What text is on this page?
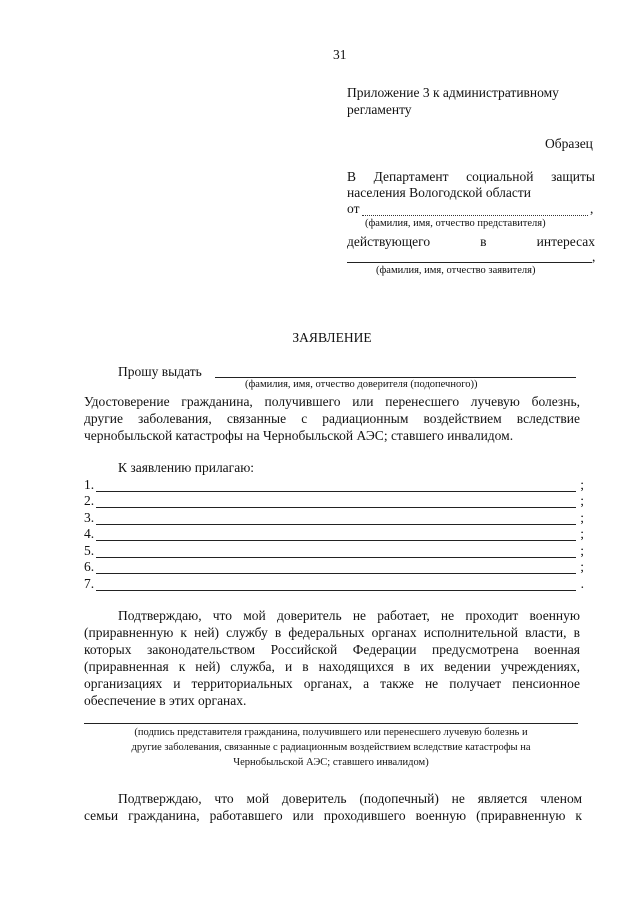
31
Приложение 3 к административному
регламенту
Образец
В Департамент социальной защиты
населения Вологодской области
от	,
(фамилия, имя, отчество представителя)
действующего в интересах
,
(фамилия, имя, отчество заявителя)
ЗАЯВЛЕНИЕ
Прошу выдать
(фамилия, имя, отчество доверителя (подопечного))
Удостоверение гражданина, получившего или перенесшего лучевую болезнь,
другие заболевания, связанные с радиационным воздействием вследствие
чернобыльской катастрофы на Чернобыльской АЭС; ставшего инвалидом.
К заявлению прилагаю:
1.	;
2.	;
3.	;
4.	;
5.	;
6.	;
7.	.
Подтверждаю, что мой доверитель не работает, не проходит военную
(приравненную к ней) службу в федеральных органах исполнительной власти, в
которых законодательством Российской Федерации предусмотрена военная
(приравненная к ней) служба, и в находящихся в их ведении учреждениях,
организациях и территориальных органах, а также не получает пенсионное
обеспечение в этих органах.
(подпись представителя гражданина, получившего или перенесшего лучевую болезнь и
другие заболевания, связанные с радиационным воздействием вследствие катастрофы на
Чернобыльской АЭС; ставшего инвалидом)
Подтверждаю, что мой доверитель (подопечный) не является членом
семьи гражданина, работавшего или проходившего военную (приравненную к
